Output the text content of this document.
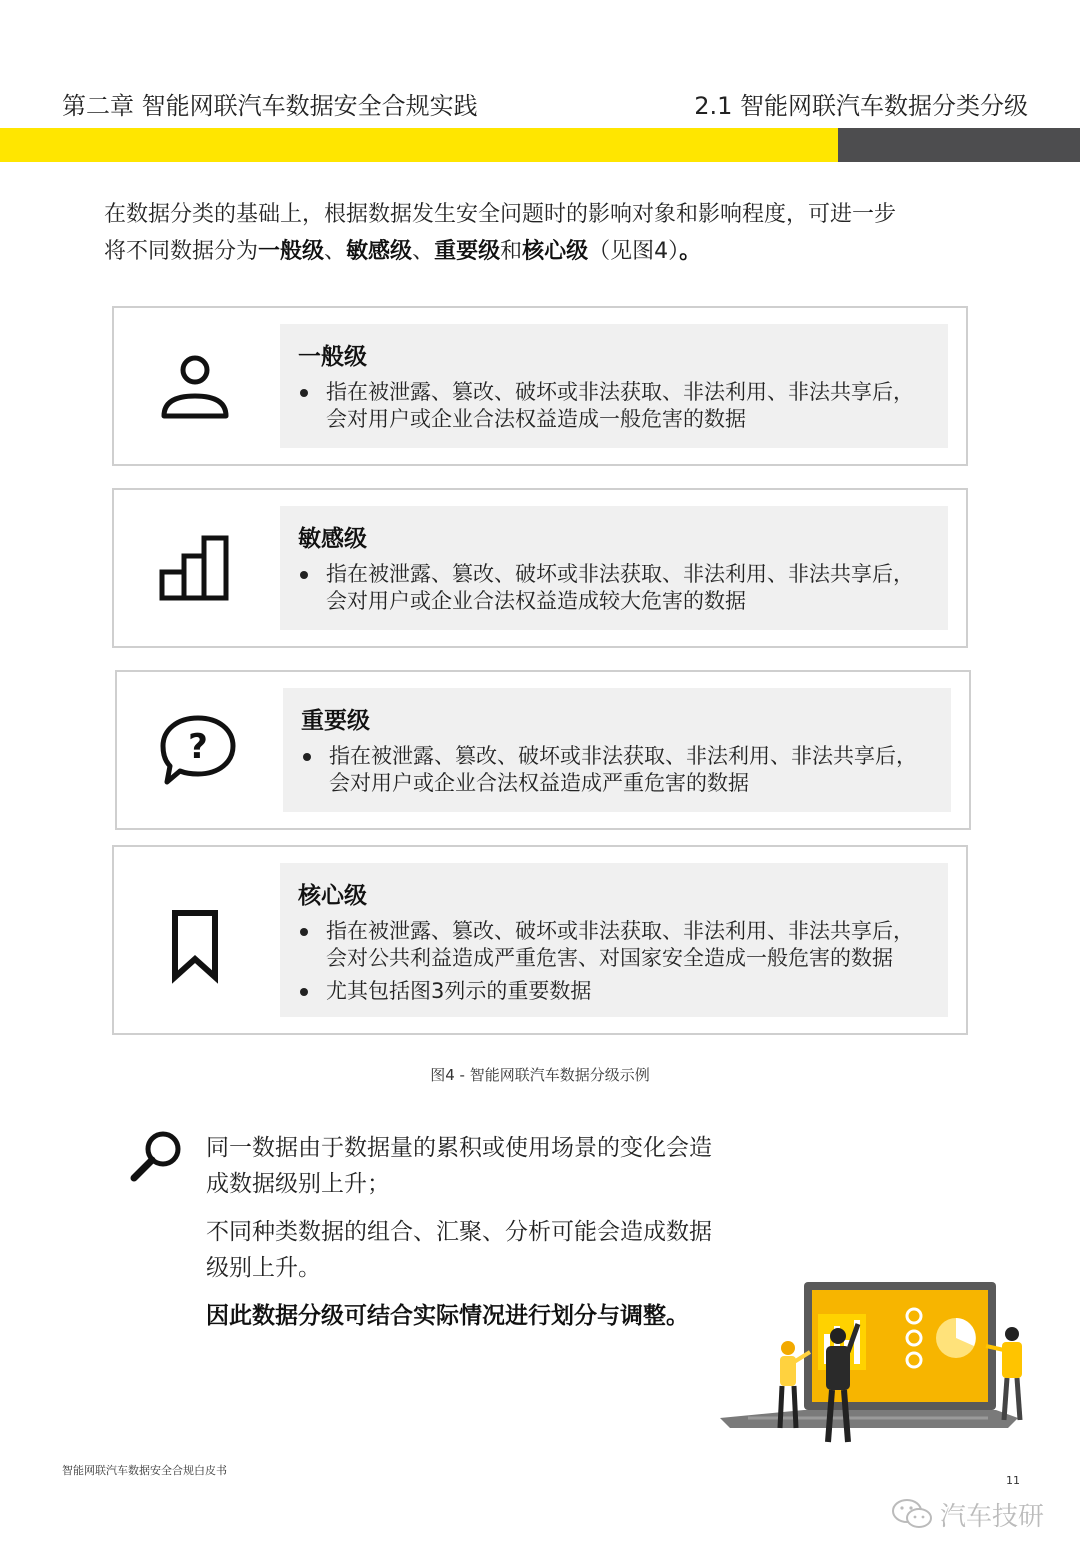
第二章 智能网联汽车数据安全合规实践	2.1 智能网联汽车数据分类分级
在数据分类的基础上，根据数据发生安全问题时的影响对象和影响程度，可进一步
将不同数据分为一般级、敏感级、重要级和核心级（见图4）。
一般级
指在被泄露、篡改、破坏或非法获取、非法利用、非法共享后，会对用户或企业合法权益造成一般危害的数据
敏感级
指在被泄露、篡改、破坏或非法获取、非法利用、非法共享后，会对用户或企业合法权益造成较大危害的数据
?
重要级
指在被泄露、篡改、破坏或非法获取、非法利用、非法共享后，会对用户或企业合法权益造成严重危害的数据
核心级
指在被泄露、篡改、破坏或非法获取、非法利用、非法共享后，会对公共利益造成严重危害、对国家安全造成一般危害的数据
尤其包括图3列示的重要数据
图4 - 智能网联汽车数据分级示例

同一数据由于数据量的累积或使用场景的变化会造成数据级别上升；

不同种类数据的组合、汇聚、分析可能会造成数据级别上升。

因此数据分级可结合实际情况进行划分与调整。

智能网联汽车数据安全合规白皮书
11
汽车技研
